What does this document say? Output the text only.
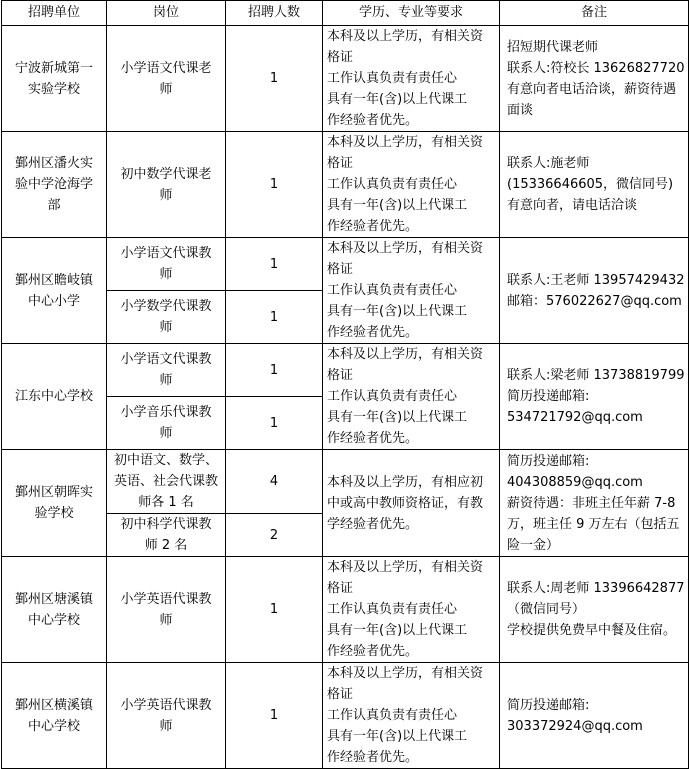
招聘单位	岗位	招聘人数	学历、专业等要求	备注

宁波新城第一
实验学校	小学语文代课老
师	1	本科及以上学历，有相关资
格证
工作认真负责有责任心
具有一年(含)以上代课工
作经验者优先。	招短期代课老师
联系人:符校长 13626827720
有意向者电话洽谈，薪资待遇
面谈

鄞州区潘火实
验中学沧海学
部	初中数学代课老
师	1	本科及以上学历，有相关资
格证
工作认真负责有责任心
具有一年(含)以上代课工
作经验者优先。	联系人:施老师
(15336646605，微信同号)
有意向者，请电话洽谈

鄞州区瞻岐镇
中心小学	小学语文代课教
师	1	本科及以上学历，有相关资
格证
工作认真负责有责任心
具有一年(含)以上代课工
作经验者优先。	联系人:王老师 13957429432
邮箱：576022627@qq.com

	小学数学代课教
师	1		

江东中心学校	小学语文代课教
师	1	本科及以上学历，有相关资
格证
工作认真负责有责任心
具有一年(含)以上代课工
作经验者优先。	联系人:梁老师 13738819799
简历投递邮箱:
534721792@qq.com

	小学音乐代课教
师	1		

鄞州区朝晖实
验学校	初中语文、数学、
英语、社会代课教
师各 1 名	4	本科及以上学历，有相应初
中或高中教师资格证，有教
学经验者优先。	简历投递邮箱:
404308859@qq.com
薪资待遇：非班主任年薪 7-8
万，班主任 9 万左右（包括五
险一金）

	初中科学代课教
师 2 名	2		

鄞州区塘溪镇
中心学校	小学英语代课教
师	1	本科及以上学历，有相关资
格证
工作认真负责有责任心
具有一年(含)以上代课工
作经验者优先。	联系人:周老师 13396642877
（微信同号）
学校提供免费早中餐及住宿。

鄞州区横溪镇
中心学校	小学英语代课教
师	1	本科及以上学历，有相关资
格证
工作认真负责有责任心
具有一年(含)以上代课工
作经验者优先。	简历投递邮箱:
303372924@qq.com
